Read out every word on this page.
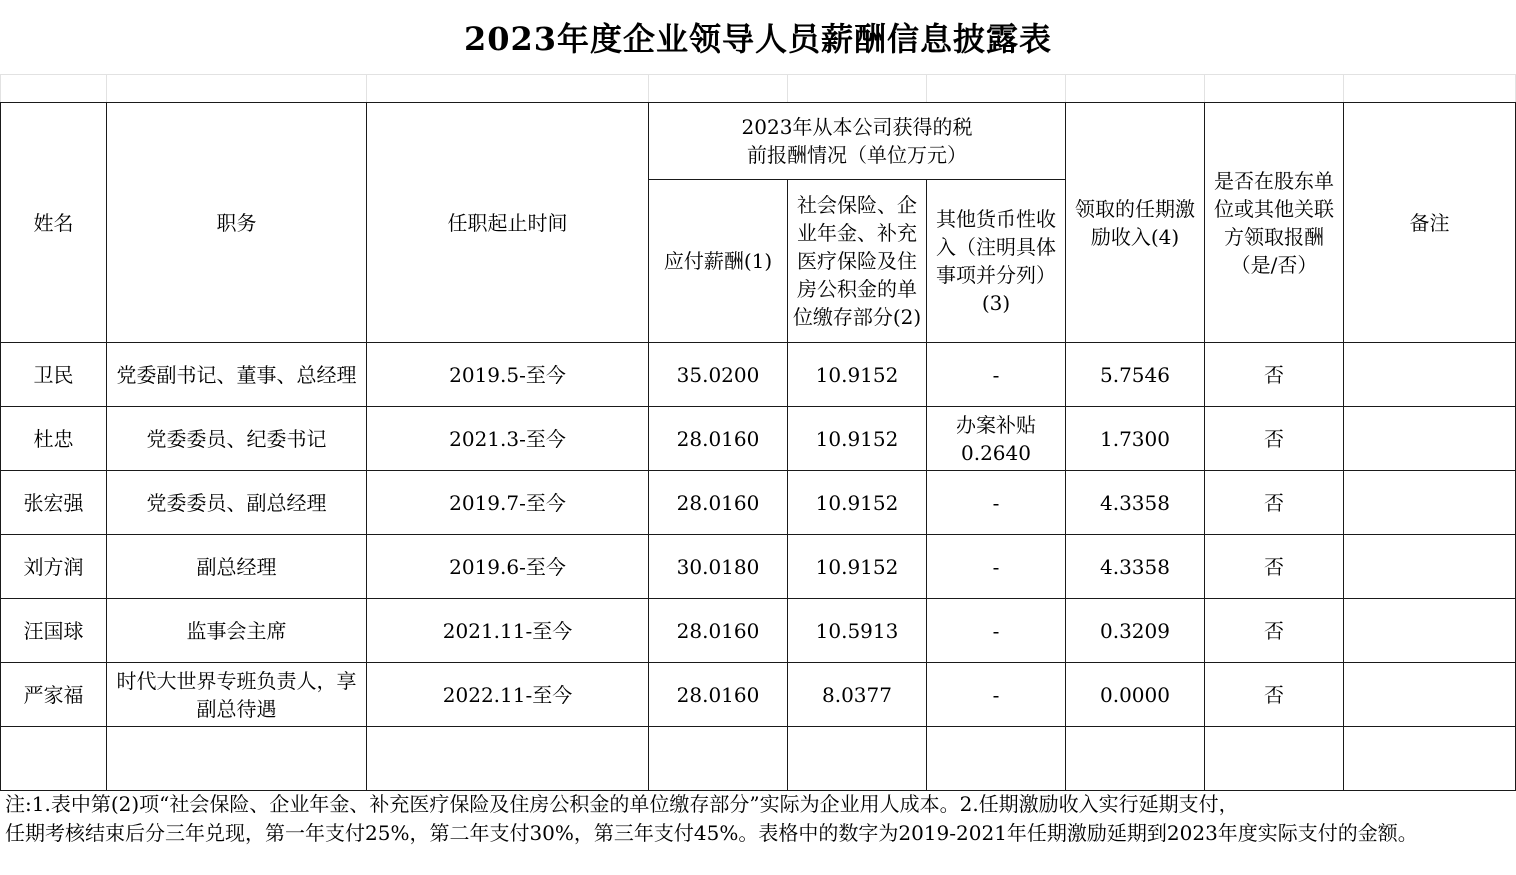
2023年度企业领导人员薪酬信息披露表

姓名	职务	任职起止时间	2023年从本公司获得的税前报酬情况（单位万元）			领取的任期激励收入(4)	是否在股东单位或其他关联方领取报酬（是/否）	备注
			应付薪酬(1)	社会保险、企业年金、补充医疗保险及住房公积金的单位缴存部分(2)	其他货币性收入（注明具体事项并分列）(3)			
卫民	党委副书记、董事、总经理	2019.5-至今	35.0200	10.9152	-	5.7546	否	
杜忠	党委委员、纪委书记	2021.3-至今	28.0160	10.9152	办案补贴 0.2640	1.7300	否	
张宏强	党委委员、副总经理	2019.7-至今	28.0160	10.9152	-	4.3358	否	
刘方润	副总经理	2019.6-至今	30.0180	10.9152	-	4.3358	否	
汪国球	监事会主席	2021.11-至今	28.0160	10.5913	-	0.3209	否	
严家福	时代大世界专班负责人，享副总待遇	2022.11-至今	28.0160	8.0377	-	0.0000	否	

注:1.表中第(2)项“社会保险、企业年金、补充医疗保险及住房公积金的单位缴存部分”实际为企业用人成本。2.任期激励收入实行延期支付，
任期考核结束后分三年兑现，第一年支付25%，第二年支付30%，第三年支付45%。表格中的数字为2019-2021年任期激励延期到2023年度实际支付的金额。
